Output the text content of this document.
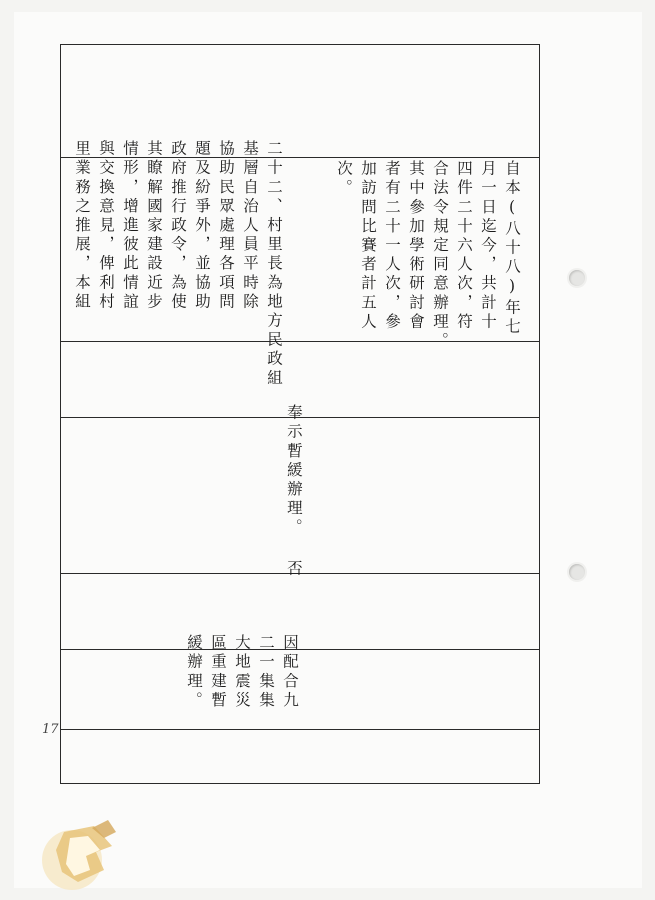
自本(八十八)年七
月一日迄今，共計十
四件二十六人次，符
合法令規定同意辦理。
其中參加學術研討會
者有二十一人次，參
加訪問比賽者計五人
次。
二十二、村里長為地方民政組
基層自治人員平時除
協助民眾處理各項問
題及紛爭外，並協助
政府推行政令，為使
其瞭解國家建設近步
情形，增進彼此情誼
與交換意見，俾利村
里業務之推展，本組
奉示暫緩辦理。
否
因配合九
二一集集
大地震災
區重建暫
緩辦理。
17
